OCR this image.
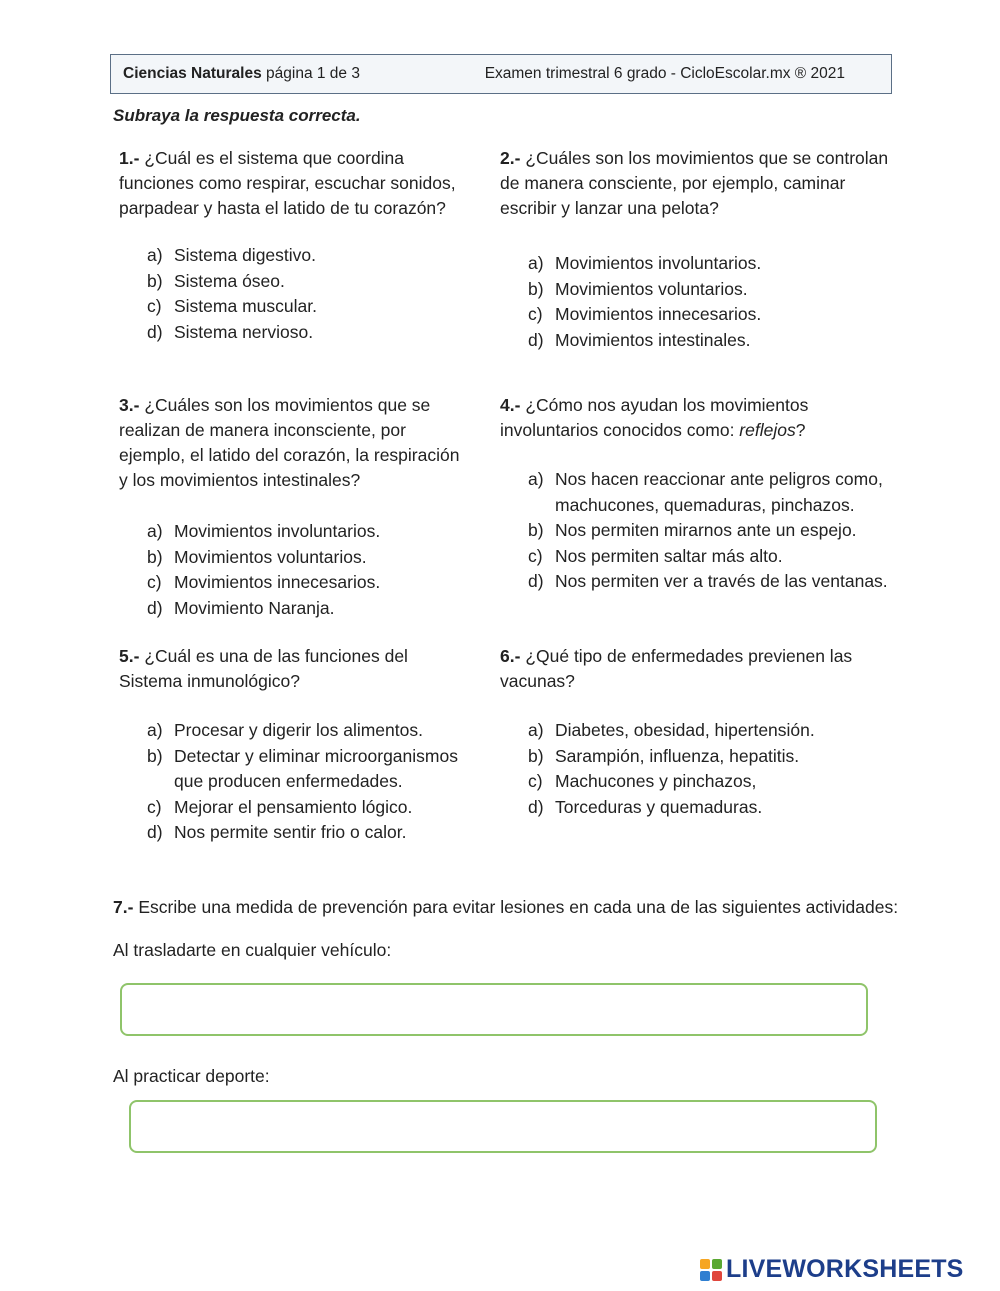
Ciencias Naturales página 1 de 3	Examen trimestral 6 grado - CicloEscolar.mx ® 2021
Subraya la respuesta correcta.

1.- ¿Cuál es el sistema que coordina funciones como respirar, escuchar sonidos, parpadear y hasta el latido de tu corazón?

a) Sistema digestivo.
b) Sistema óseo.
c) Sistema muscular.
d) Sistema nervioso.

2.- ¿Cuáles son los movimientos que se controlan de manera consciente, por ejemplo, caminar escribir y lanzar una pelota?

a) Movimientos involuntarios.
b) Movimientos voluntarios.
c) Movimientos innecesarios.
d) Movimientos intestinales.

3.- ¿Cuáles son los movimientos que se realizan de manera inconsciente, por ejemplo, el latido del corazón, la respiración y los movimientos intestinales?

a) Movimientos involuntarios.
b) Movimientos voluntarios.
c) Movimientos innecesarios.
d) Movimiento Naranja.

4.- ¿Cómo nos ayudan los movimientos involuntarios conocidos como: reflejos?

a) Nos hacen reaccionar ante peligros como, machucones, quemaduras, pinchazos.
b) Nos permiten mirarnos ante un espejo.
c) Nos permiten saltar más alto.
d) Nos permiten ver a través de las ventanas.

5.- ¿Cuál es una de las funciones del Sistema inmunológico?

a) Procesar y digerir los alimentos.
b) Detectar y eliminar microorganismos que producen enfermedades.
c) Mejorar el pensamiento lógico.
d) Nos permite sentir frio o calor.

6.- ¿Qué tipo de enfermedades previenen las vacunas?

a) Diabetes, obesidad, hipertensión.
b) Sarampión, influenza, hepatitis.
c) Machucones y pinchazos,
d) Torceduras y quemaduras.
7.- Escribe una medida de prevención para evitar lesiones en cada una de las siguientes actividades:
Al trasladarte en cualquier vehículo:
Al practicar deporte:
LIVEWORKSHEETS
